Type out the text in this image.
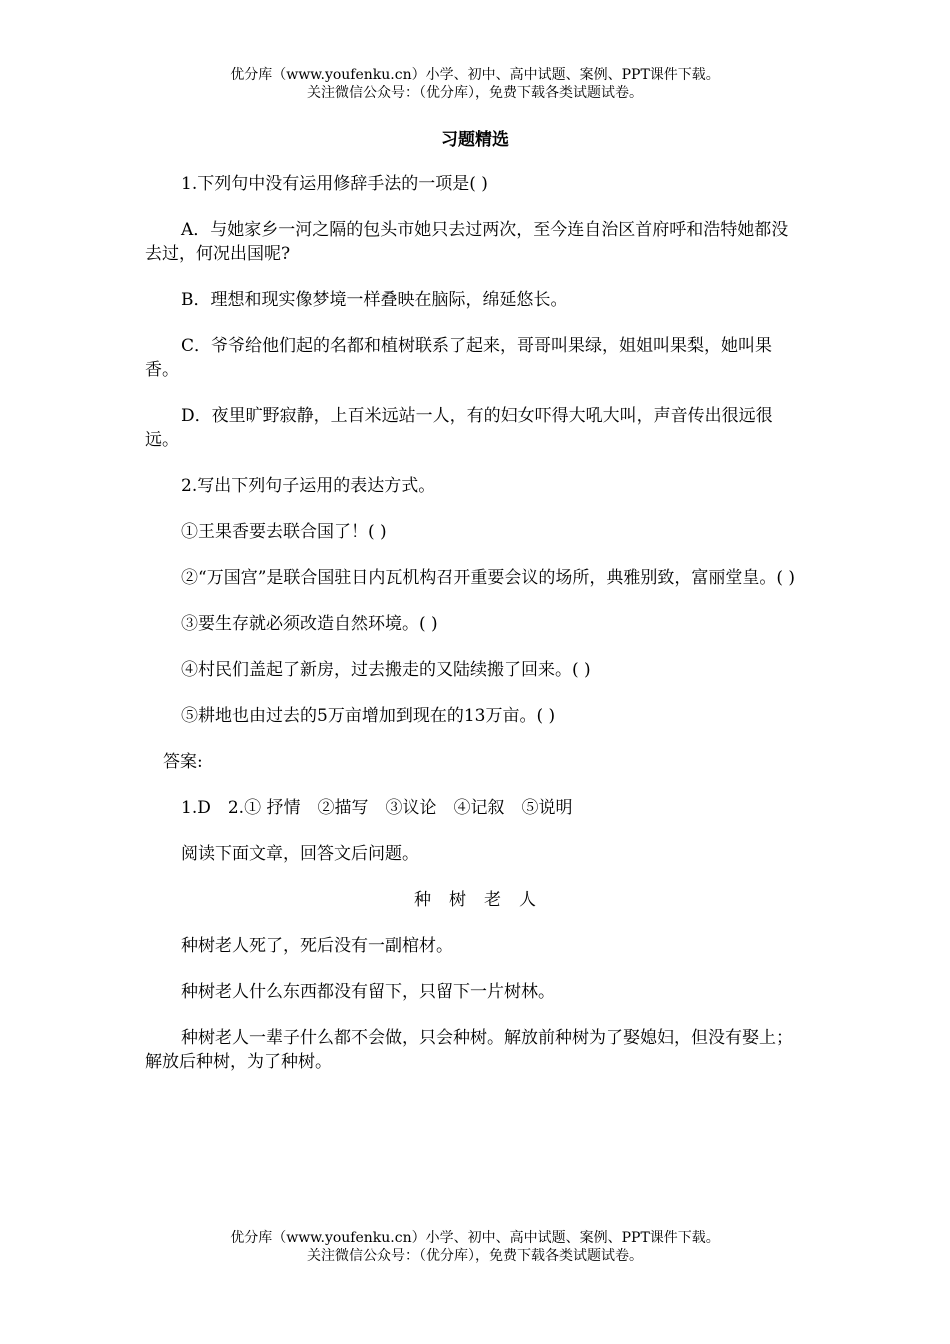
优分库（www.youfenku.cn）小学、初中、高中试题、案例、PPT课件下载。
关注微信公众号：（优分库），免费下载各类试题试卷。
习题精选

1.下列句中没有运用修辞手法的一项是( )

A．与她家乡一河之隔的包头市她只去过两次，至今连自治区首府呼和浩特她都没去过，何况出国呢?

B．理想和现实像梦境一样叠映在脑际，绵延悠长。

C．爷爷给他们起的名都和植树联系了起来，哥哥叫果绿，姐姐叫果梨，她叫果香。

D．夜里旷野寂静，上百米远站一人，有的妇女吓得大吼大叫，声音传出很远很远。

2.写出下列句子运用的表达方式。

①王果香要去联合国了！( )

②“万国宫”是联合国驻日内瓦机构召开重要会议的场所，典雅别致，富丽堂皇。( )

③要生存就必须改造自然环境。( )

④村民们盖起了新房，过去搬走的又陆续搬了回来。( )

⑤耕地也由过去的5万亩增加到现在的13万亩。( )

答案:

1.D　2.① 抒情　②描写　③议论　④记叙　⑤说明

阅读下面文章，回答文后问题。

种树老人

种树老人死了，死后没有一副棺材。

种树老人什么东西都没有留下，只留下一片树林。

种树老人一辈子什么都不会做，只会种树。解放前种树为了娶媳妇，但没有娶上；解放后种树，为了种树。

优分库（www.youfenku.cn）小学、初中、高中试题、案例、PPT课件下载。
关注微信公众号：（优分库），免费下载各类试题试卷。
